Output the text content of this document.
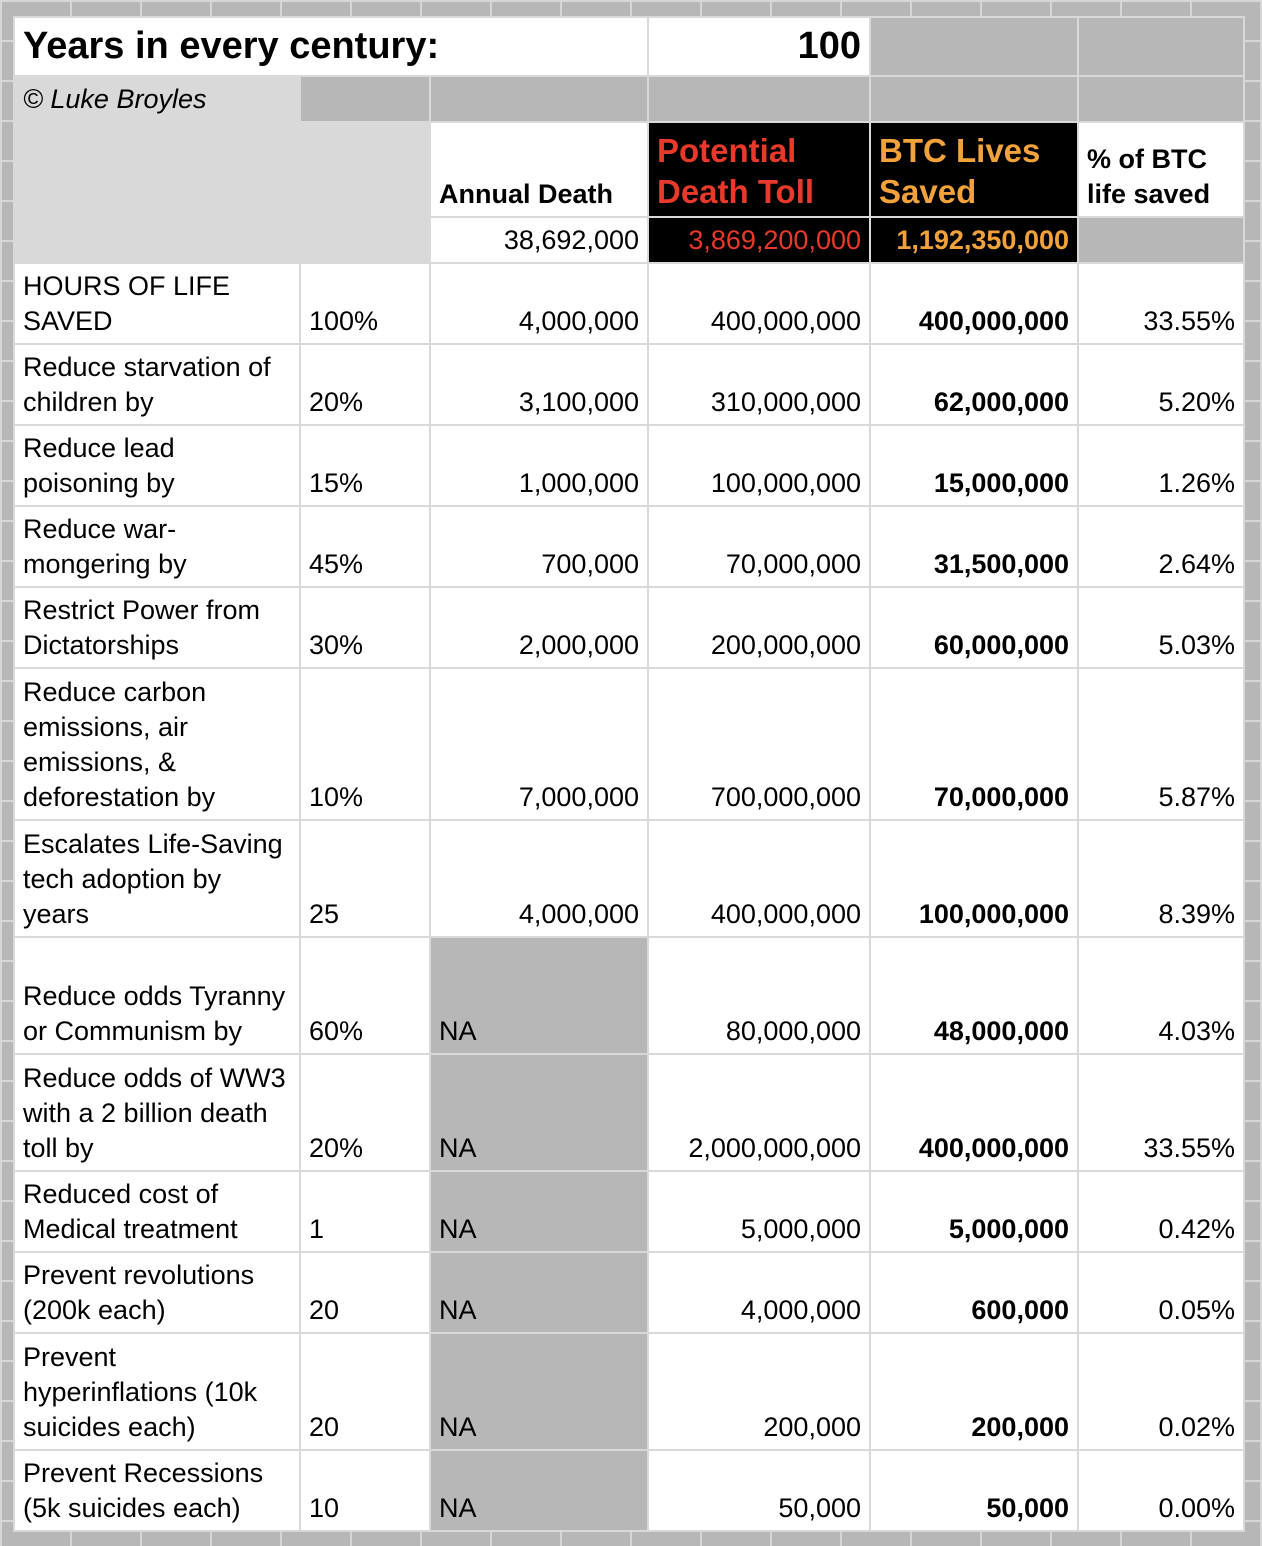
Years in every century:			100		
© Luke Broyles					
		Annual Death	Potential Death Toll	BTC Lives Saved	% of BTC life saved
		38,692,000	3,869,200,000	1,192,350,000	
HOURS OF LIFE SAVED	100%	4,000,000	400,000,000	400,000,000	33.55%
Reduce starvation of children by	20%	3,100,000	310,000,000	62,000,000	5.20%
Reduce lead poisoning by	15%	1,000,000	100,000,000	15,000,000	1.26%
Reduce war-mongering by	45%	700,000	70,000,000	31,500,000	2.64%
Restrict Power from Dictatorships	30%	2,000,000	200,000,000	60,000,000	5.03%
Reduce carbon emissions, air emissions, & deforestation by	10%	7,000,000	700,000,000	70,000,000	5.87%
Escalates Life-Saving tech adoption by years	25	4,000,000	400,000,000	100,000,000	8.39%
Reduce odds Tyranny or Communism by	60%	NA	80,000,000	48,000,000	4.03%
Reduce odds of WW3 with a 2 billion death toll by	20%	NA	2,000,000,000	400,000,000	33.55%
Reduced cost of Medical treatment	1	NA	5,000,000	5,000,000	0.42%
Prevent revolutions (200k each)	20	NA	4,000,000	600,000	0.05%
Prevent hyperinflations (10k suicides each)	20	NA	200,000	200,000	0.02%
Prevent Recessions (5k suicides each)	10	NA	50,000	50,000	0.00%
